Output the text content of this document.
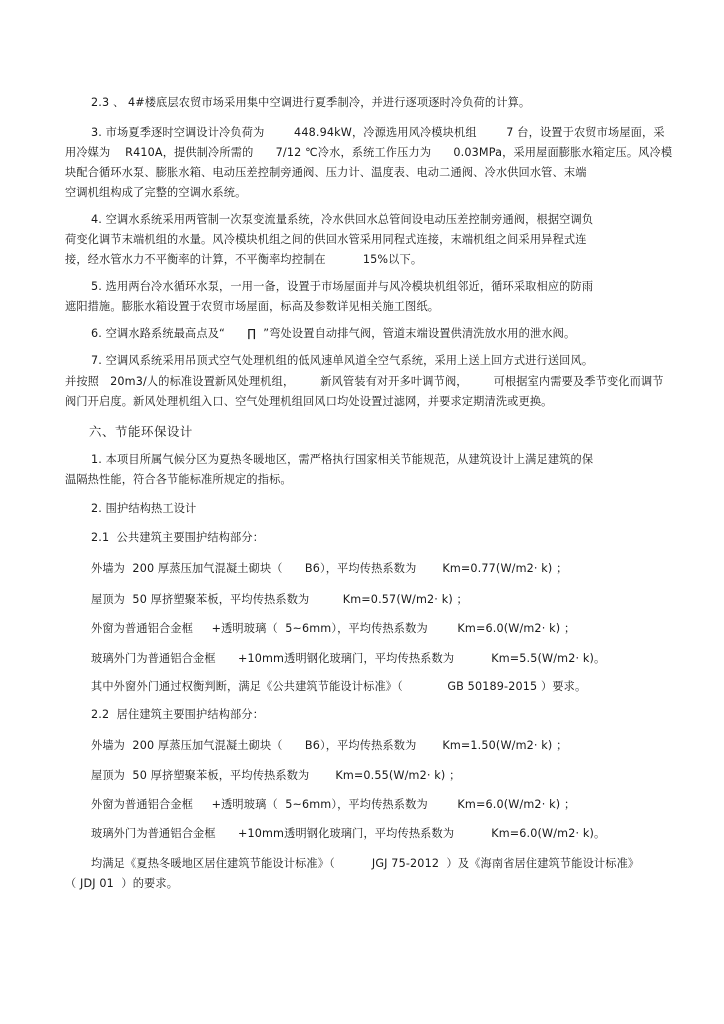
2.3 、 4#楼底层农贸市场采用集中空调进行夏季制冷，并进行逐项逐时冷负荷的计算。
3. 市场夏季逐时空调设计冷负荷为        448.94kW，冷源选用风冷模块机组        7 台，设置于农贸市场屋面，采
用冷媒为    R410A，提供制冷所需的      7/12 ℃冷水，系统工作压力为      0.03MPa，采用屋面膨胀水箱定压。风冷模
块配合循环水泵、膨胀水箱、电动压差控制旁通阀、压力计、温度表、电动二通阀、冷水供回水管、末端
空调机组构成了完整的空调水系统。
4. 空调水系统采用两管制一次泵变流量系统，冷水供回水总管间设电动压差控制旁通阀，根据空调负
荷变化调节末端机组的水量。风冷模块机组之间的供回水管采用同程式连接，末端机组之间采用异程式连
接，经水管水力不平衡率的计算，不平衡率均控制在          15%以下。
5. 选用两台冷水循环水泵，一用一备，设置于市场屋面并与风冷模块机组邻近，循环采取相应的防雨
遮阳措施。膨胀水箱设置于农贸市场屋面，标高及参数详见相关施工图纸。
6. 空调水路系统最高点及“      ∏  ”弯处设置自动排气阀，管道末端设置供清洗放水用的泄水阀。
7. 空调风系统采用吊顶式空气处理机组的低风速单风道全空气系统，采用上送上回方式进行送回风。
并按照   20m3/人的标准设置新风处理机组，       新风管装有对开多叶调节阀，       可根据室内需要及季节变化而调节
阀门开启度。新风处理机组入口、空气处理机组回风口均处设置过滤网，并要求定期清洗或更换。
六、节能环保设计
1. 本项目所属气候分区为夏热冬暖地区，需严格执行国家相关节能规范，从建筑设计上满足建筑的保
温隔热性能，符合各节能标准所规定的指标。
2. 围护结构热工设计
2.1  公共建筑主要围护结构部分：
外墙为  200 厚蒸压加气混凝土砌块（      B6），平均传热系数为       Km=0.77(W/m2· k) ；
屋顶为  50 厚挤塑聚苯板，平均传热系数为         Km=0.57(W/m2· k) ；
外窗为普通铝合金框     +透明玻璃（  5~6mm），平均传热系数为        Km=6.0(W/m2· k) ；
玻璃外门为普通铝合金框      +10mm透明钢化玻璃门，平均传热系数为          Km=5.5(W/m2· k)。
其中外窗外门通过权衡判断，满足《公共建筑节能设计标准》（            GB 50189-2015 ）要求。
2.2  居住建筑主要围护结构部分：
外墙为  200 厚蒸压加气混凝土砌块（      B6），平均传热系数为       Km=1.50(W/m2· k) ；
屋顶为  50 厚挤塑聚苯板，平均传热系数为       Km=0.55(W/m2· k) ；
外窗为普通铝合金框     +透明玻璃（  5~6mm），平均传热系数为        Km=6.0(W/m2· k) ；
玻璃外门为普通铝合金框      +10mm透明钢化玻璃门，平均传热系数为          Km=6.0(W/m2· k)。
均满足《夏热冬暖地区居住建筑节能设计标准》（          JGJ 75-2012  ）及《海南省居住建筑节能设计标准》
（ JDJ 01  ）的要求。
